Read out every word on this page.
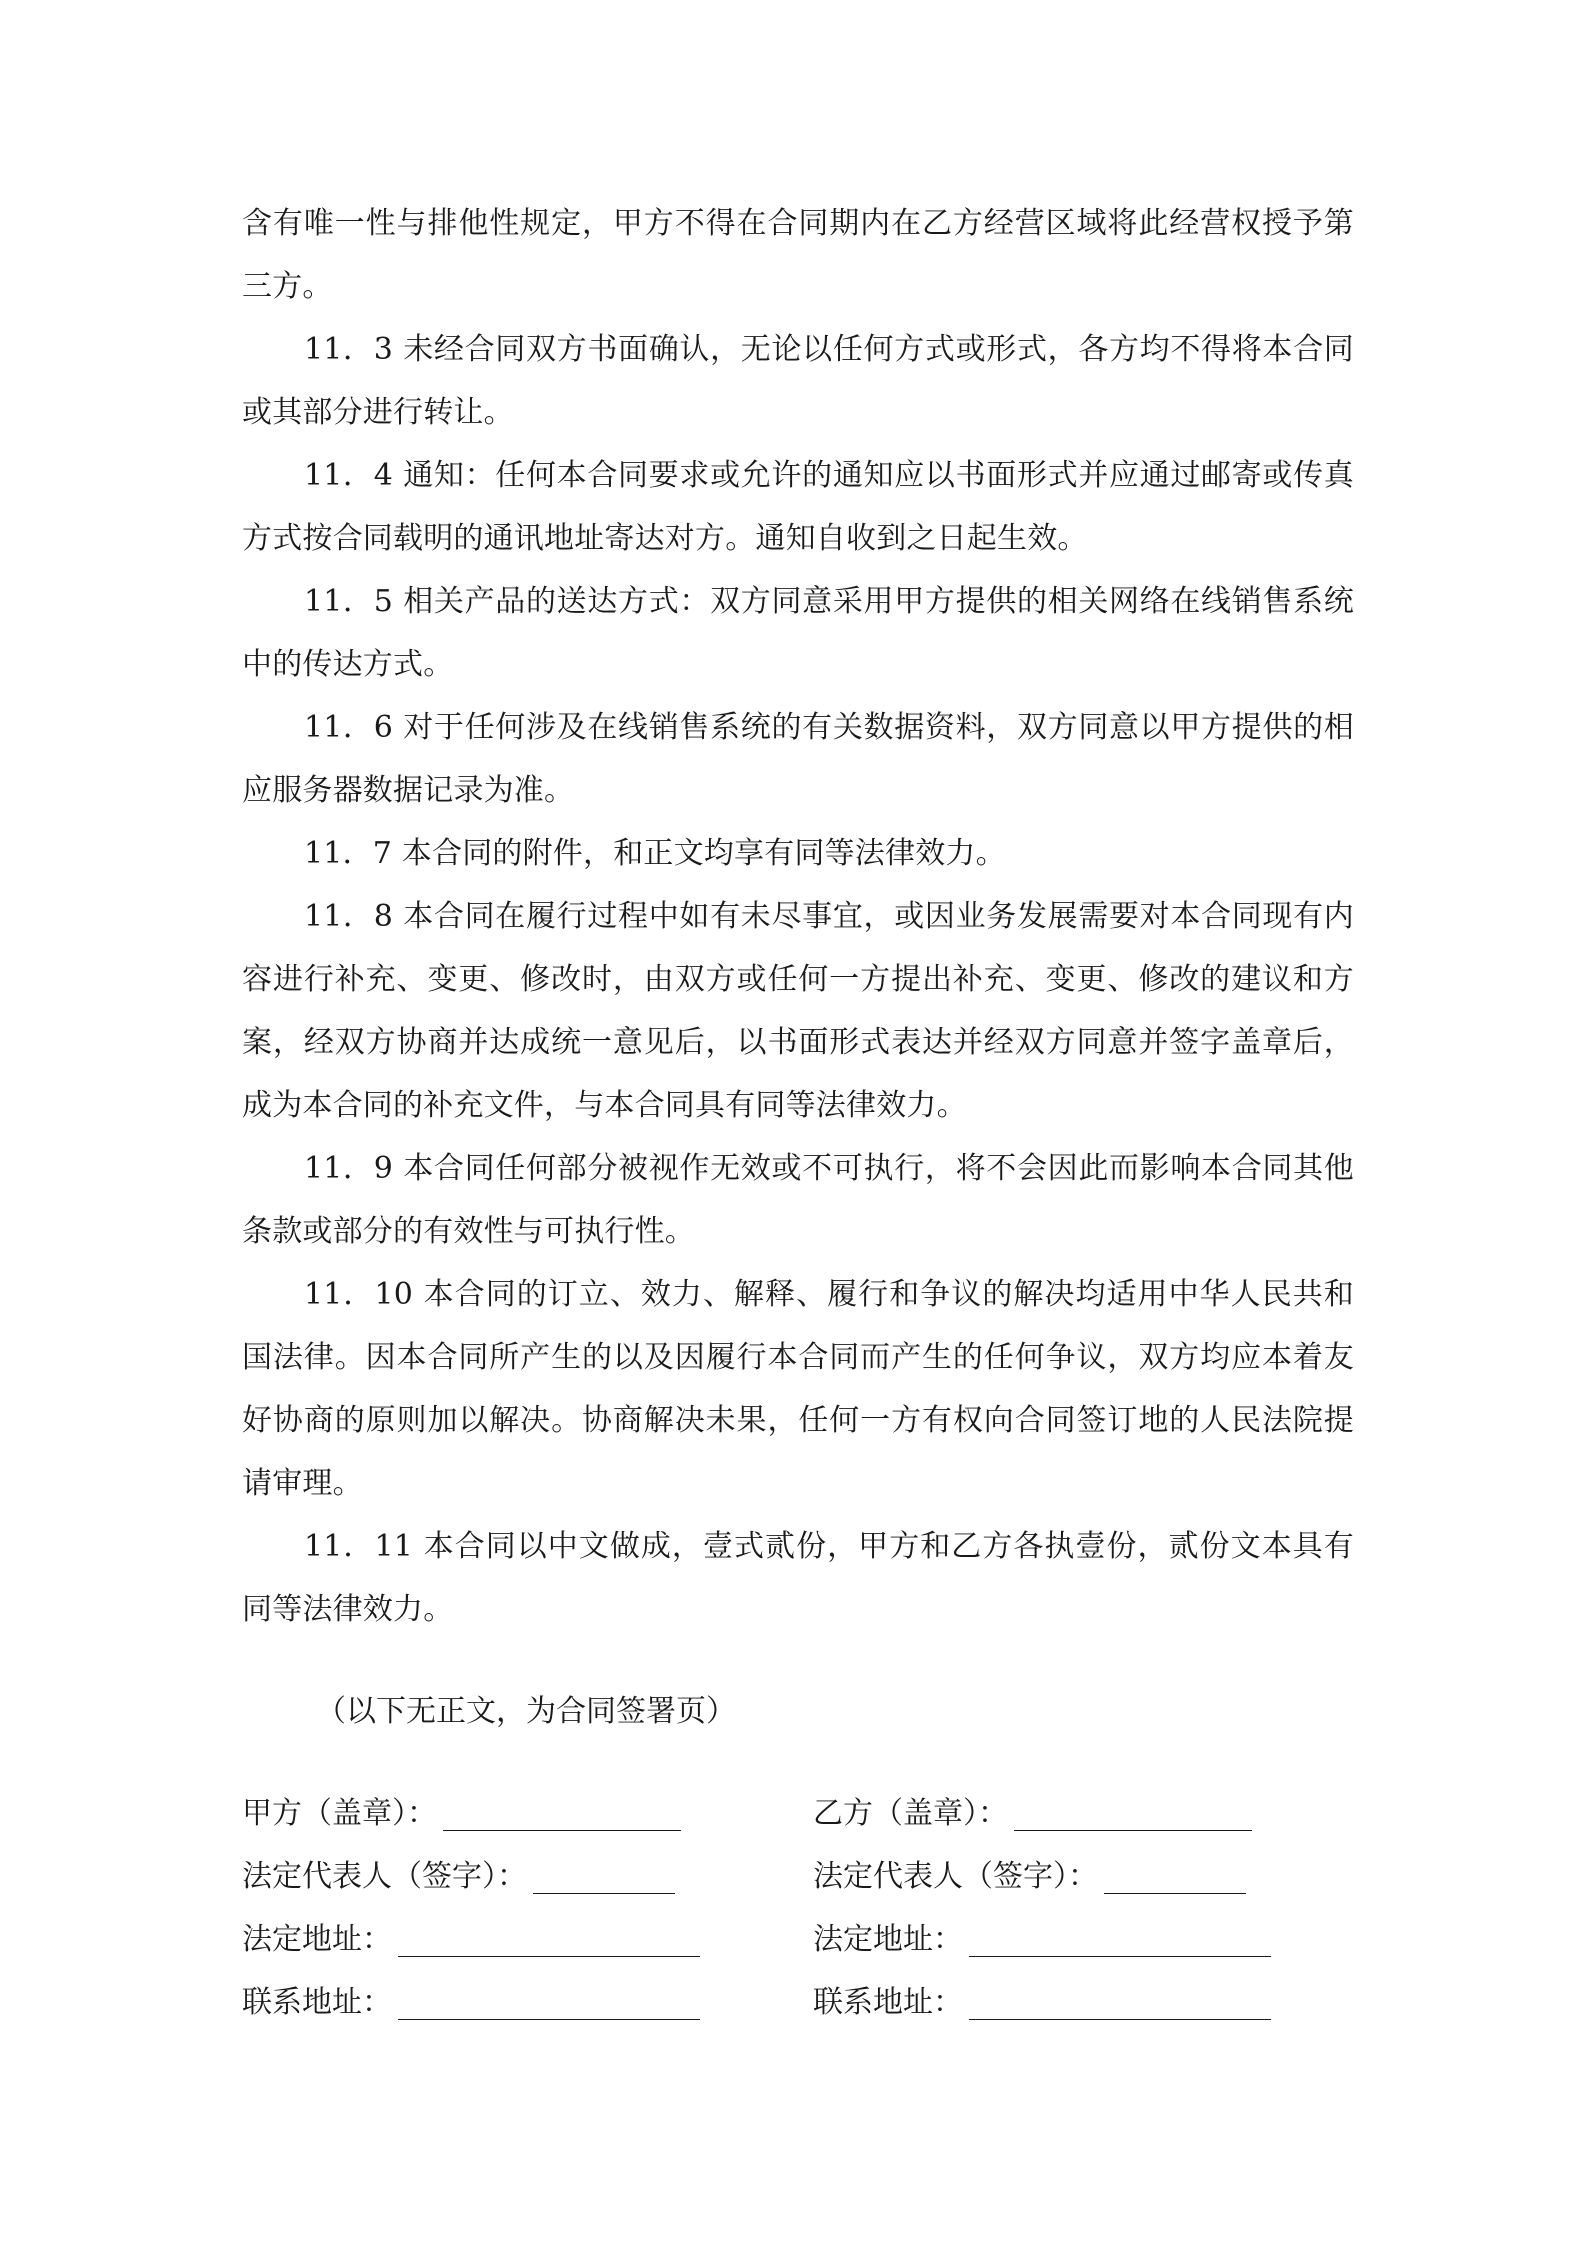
含有唯一性与排他性规定，甲方不得在合同期内在乙方经营区域将此经营权授予第三方。

11．3 未经合同双方书面确认，无论以任何方式或形式，各方均不得将本合同或其部分进行转让。

11．4 通知：任何本合同要求或允许的通知应以书面形式并应通过邮寄或传真方式按合同载明的通讯地址寄达对方。通知自收到之日起生效。

11．5 相关产品的送达方式：双方同意采用甲方提供的相关网络在线销售系统中的传达方式。

11．6 对于任何涉及在线销售系统的有关数据资料，双方同意以甲方提供的相应服务器数据记录为准。

11．7 本合同的附件，和正文均享有同等法律效力。

11．8 本合同在履行过程中如有未尽事宜，或因业务发展需要对本合同现有内容进行补充、变更、修改时，由双方或任何一方提出补充、变更、修改的建议和方案，经双方协商并达成统一意见后，以书面形式表达并经双方同意并签字盖章后，成为本合同的补充文件，与本合同具有同等法律效力。

11．9 本合同任何部分被视作无效或不可执行，将不会因此而影响本合同其他条款或部分的有效性与可执行性。

11．10 本合同的订立、效力、解释、履行和争议的解决均适用中华人民共和国法律。因本合同所产生的以及因履行本合同而产生的任何争议，双方均应本着友好协商的原则加以解决。协商解决未果，任何一方有权向合同签订地的人民法院提请审理。

11．11 本合同以中文做成，壹式贰份，甲方和乙方各执壹份，贰份文本具有同等法律效力。

（以下无正文，为合同签署页）
甲方（盖章）：
法定代表人（签字）：
法定地址：
联系地址：
乙方（盖章）：
法定代表人（签字）：
法定地址：
联系地址：
